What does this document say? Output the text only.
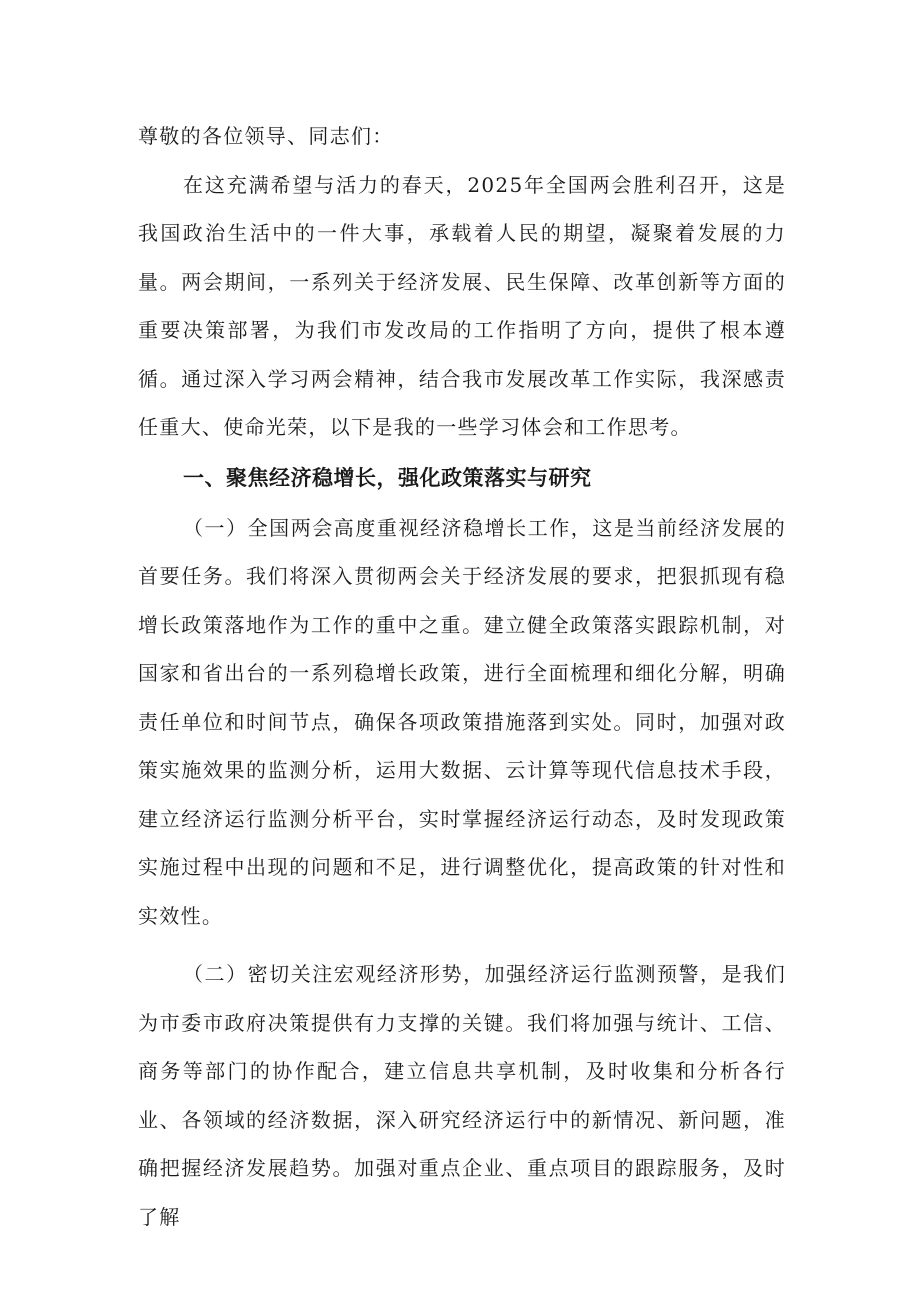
尊敬的各位领导、同志们：

在这充满希望与活力的春天，2025年全国两会胜利召开，这是我国政治生活中的一件大事，承载着人民的期望，凝聚着发展的力量。两会期间，一系列关于经济发展、民生保障、改革创新等方面的重要决策部署，为我们市发改局的工作指明了方向，提供了根本遵循。通过深入学习两会精神，结合我市发展改革工作实际，我深感责任重大、使命光荣，以下是我的一些学习体会和工作思考。

一、聚焦经济稳增长，强化政策落实与研究

（一）全国两会高度重视经济稳增长工作，这是当前经济发展的首要任务。我们将深入贯彻两会关于经济发展的要求，把狠抓现有稳增长政策落地作为工作的重中之重。建立健全政策落实跟踪机制，对国家和省出台的一系列稳增长政策，进行全面梳理和细化分解，明确责任单位和时间节点，确保各项政策措施落到实处。同时，加强对政策实施效果的监测分析，运用大数据、云计算等现代信息技术手段，建立经济运行监测分析平台，实时掌握经济运行动态，及时发现政策实施过程中出现的问题和不足，进行调整优化，提高政策的针对性和实效性。

（二）密切关注宏观经济形势，加强经济运行监测预警，是我们为市委市政府决策提供有力支撑的关键。我们将加强与统计、工信、商务等部门的协作配合，建立信息共享机制，及时收集和分析各行业、各领域的经济数据，深入研究经济运行中的新情况、新问题，准确把握经济发展趋势。加强对重点企业、重点项目的跟踪服务，及时了解
